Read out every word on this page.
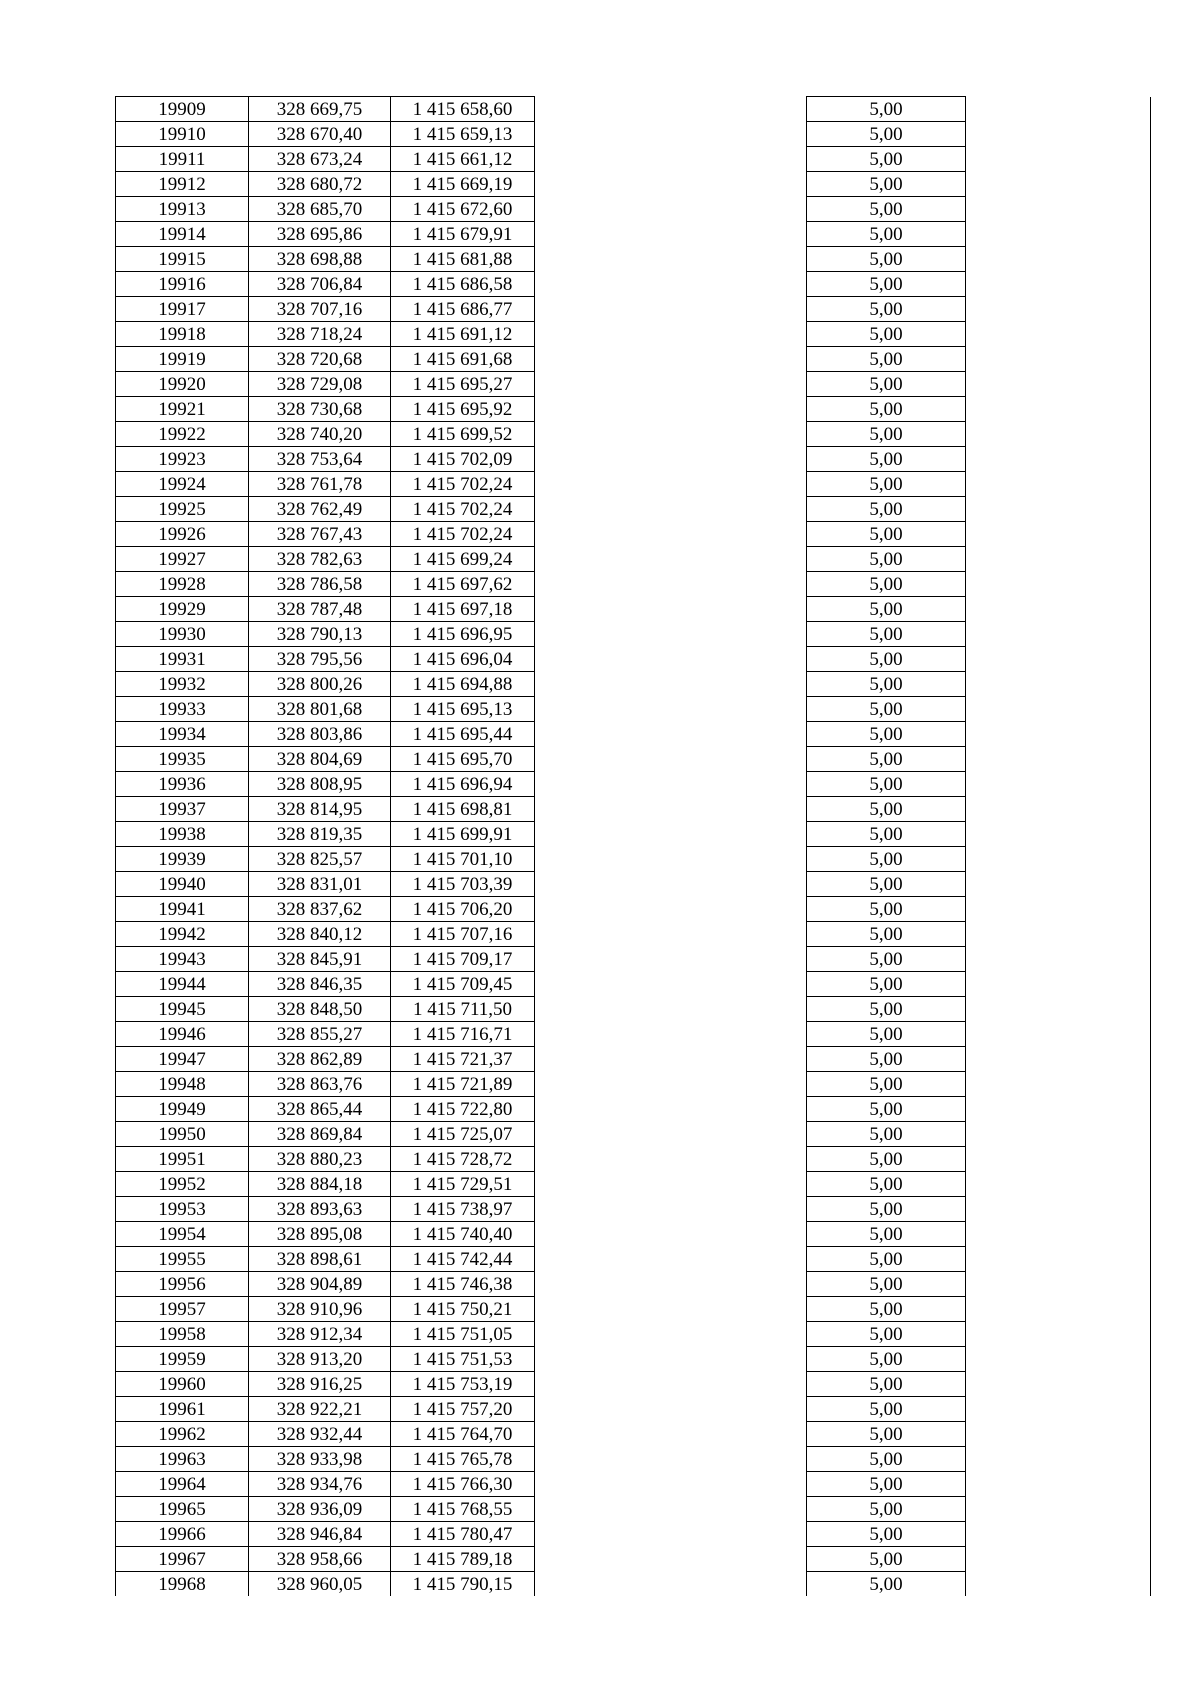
19909	328 669,75	1 415 658,60		5,00	
19910	328 670,40	1 415 659,13		5,00	
19911	328 673,24	1 415 661,12		5,00	
19912	328 680,72	1 415 669,19		5,00	
19913	328 685,70	1 415 672,60		5,00	
19914	328 695,86	1 415 679,91		5,00	
19915	328 698,88	1 415 681,88		5,00	
19916	328 706,84	1 415 686,58		5,00	
19917	328 707,16	1 415 686,77		5,00	
19918	328 718,24	1 415 691,12		5,00	
19919	328 720,68	1 415 691,68		5,00	
19920	328 729,08	1 415 695,27		5,00	
19921	328 730,68	1 415 695,92		5,00	
19922	328 740,20	1 415 699,52		5,00	
19923	328 753,64	1 415 702,09		5,00	
19924	328 761,78	1 415 702,24		5,00	
19925	328 762,49	1 415 702,24		5,00	
19926	328 767,43	1 415 702,24		5,00	
19927	328 782,63	1 415 699,24		5,00	
19928	328 786,58	1 415 697,62		5,00	
19929	328 787,48	1 415 697,18		5,00	
19930	328 790,13	1 415 696,95		5,00	
19931	328 795,56	1 415 696,04		5,00	
19932	328 800,26	1 415 694,88		5,00	
19933	328 801,68	1 415 695,13		5,00	
19934	328 803,86	1 415 695,44		5,00	
19935	328 804,69	1 415 695,70		5,00	
19936	328 808,95	1 415 696,94		5,00	
19937	328 814,95	1 415 698,81		5,00	
19938	328 819,35	1 415 699,91		5,00	
19939	328 825,57	1 415 701,10		5,00	
19940	328 831,01	1 415 703,39		5,00	
19941	328 837,62	1 415 706,20		5,00	
19942	328 840,12	1 415 707,16		5,00	
19943	328 845,91	1 415 709,17		5,00	
19944	328 846,35	1 415 709,45		5,00	
19945	328 848,50	1 415 711,50		5,00	
19946	328 855,27	1 415 716,71		5,00	
19947	328 862,89	1 415 721,37		5,00	
19948	328 863,76	1 415 721,89		5,00	
19949	328 865,44	1 415 722,80		5,00	
19950	328 869,84	1 415 725,07		5,00	
19951	328 880,23	1 415 728,72		5,00	
19952	328 884,18	1 415 729,51		5,00	
19953	328 893,63	1 415 738,97		5,00	
19954	328 895,08	1 415 740,40		5,00	
19955	328 898,61	1 415 742,44		5,00	
19956	328 904,89	1 415 746,38		5,00	
19957	328 910,96	1 415 750,21		5,00	
19958	328 912,34	1 415 751,05		5,00	
19959	328 913,20	1 415 751,53		5,00	
19960	328 916,25	1 415 753,19		5,00	
19961	328 922,21	1 415 757,20		5,00	
19962	328 932,44	1 415 764,70		5,00	
19963	328 933,98	1 415 765,78		5,00	
19964	328 934,76	1 415 766,30		5,00	
19965	328 936,09	1 415 768,55		5,00	
19966	328 946,84	1 415 780,47		5,00	
19967	328 958,66	1 415 789,18		5,00	
19968	328 960,05	1 415 790,15		5,00	
